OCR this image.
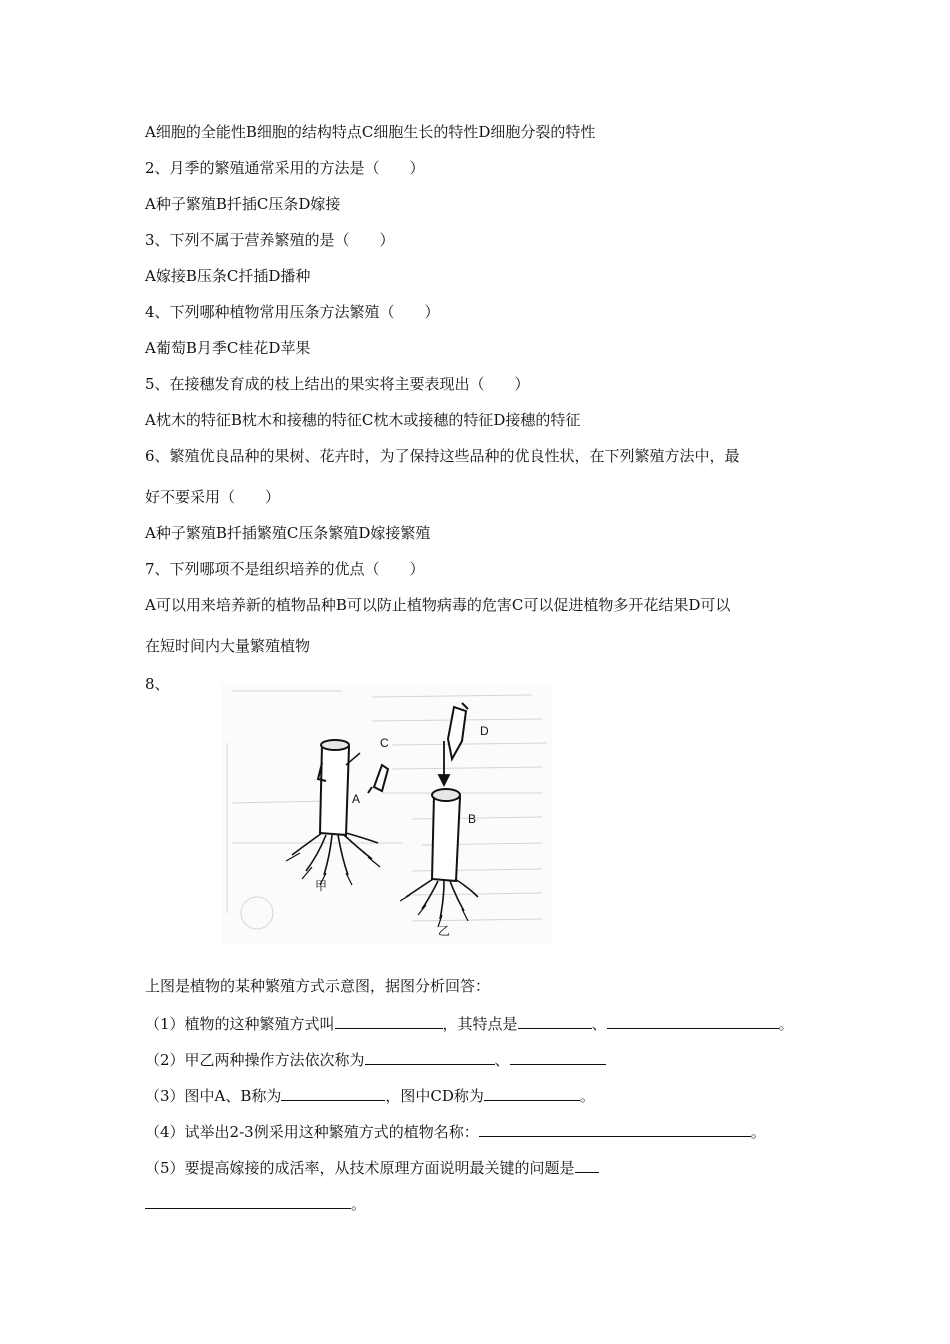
A细胞的全能性B细胞的结构特点C细胞生长的特性D细胞分裂的特性
2、月季的繁殖通常采用的方法是（　　）
A种子繁殖B扦插C压条D嫁接
3、下列不属于营养繁殖的是（　　）
A嫁接B压条C扦插D播种
4、下列哪种植物常用压条方法繁殖（　　）
A葡萄B月季C桂花D苹果
5、在接穗发育成的枝上结出的果实将主要表现出（　　）
A枕木的特征B枕木和接穗的特征C枕木或接穗的特征D接穗的特征
6、繁殖优良品种的果树、花卉时，为了保持这些品种的优良性状，在下列繁殖方法中，最
好不要采用（　　）
A种子繁殖B扦插繁殖C压条繁殖D嫁接繁殖
7、下列哪项不是组织培养的优点（　　）
A可以用来培养新的植物品种B可以防止植物病毒的危害C可以促进植物多开花结果D可以
在短时间内大量繁殖植物
8、
A
C
B
D
甲
乙
上图是植物的某种繁殖方式示意图，据图分析回答：
（1）植物的这种繁殖方式叫	，其特点是	、	。
（2）甲乙两种操作方法依次称为	、
（3）图中A、B称为	，图中CD称为	。
（4）试举出2-3例采用这种繁殖方式的植物名称：	。
（5）要提高嫁接的成活率，从技术原理方面说明最关键的问题是
。
